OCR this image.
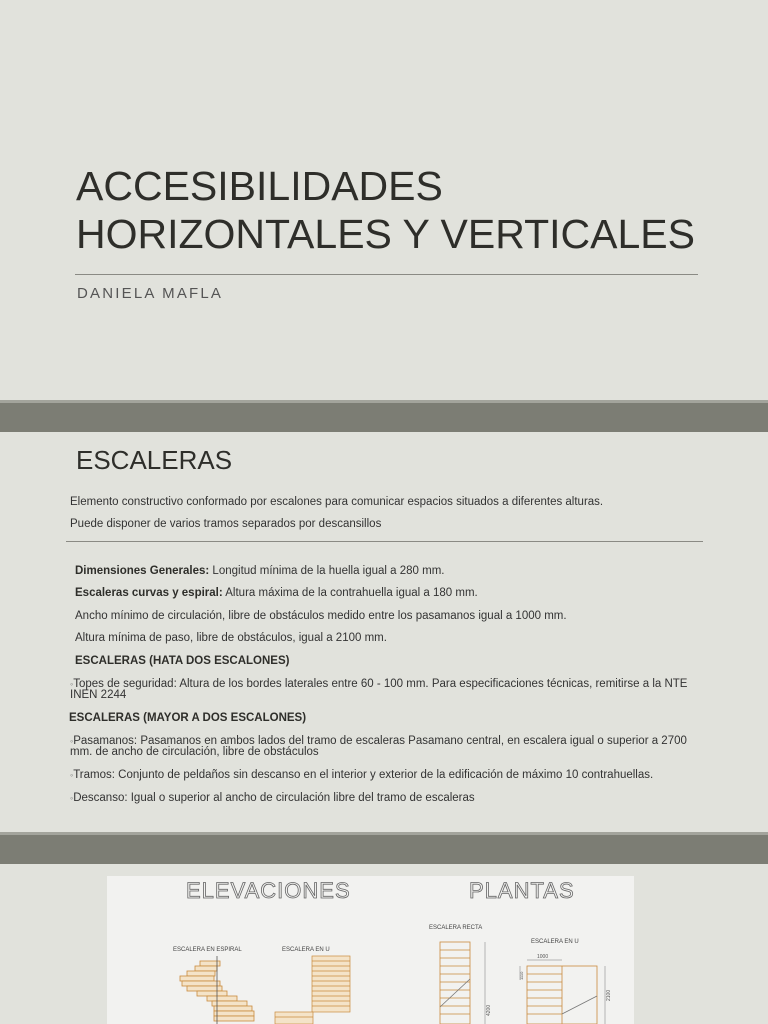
ACCESIBILIDADES
HORIZONTALES Y VERTICALES
DANIELA MAFLA
ESCALERAS
Elemento constructivo conformado por escalones para comunicar espacios situados a diferentes alturas.
Puede disponer de varios tramos separados por descansillos
Dimensiones Generales: Longitud mínima de la huella igual a 280 mm.
Escaleras curvas y espiral: Altura máxima de la contrahuella igual a 180 mm.
Ancho mínimo de circulación, libre de obstáculos medido entre los pasamanos igual a 1000 mm.
Altura mínima de paso, libre de obstáculos, igual a 2100 mm.
ESCALERAS (HATA DOS ESCALONES)
◦Topes de seguridad: Altura de los bordes laterales entre 60 - 100 mm. Para especificaciones técnicas, remitirse a la NTE INEN 2244
ESCALERAS (MAYOR A DOS ESCALONES)
◦Pasamanos: Pasamanos en ambos lados del tramo de escaleras Pasamano central, en escalera igual o superior a 2700 mm. de ancho de circulación, libre de obstáculos
◦Tramos: Conjunto de peldaños sin descanso en el interior y exterior de la edificación de máximo 10 contrahuellas.
◦Descanso: Igual o superior al ancho de circulación libre del tramo de escaleras
ELEVACIONES	PLANTAS
ESCALERA EN ESPIRAL	ESCALERA EN U
ESCALERA RECTA
ESCALERA EN U
4200
1000
2100
1110
